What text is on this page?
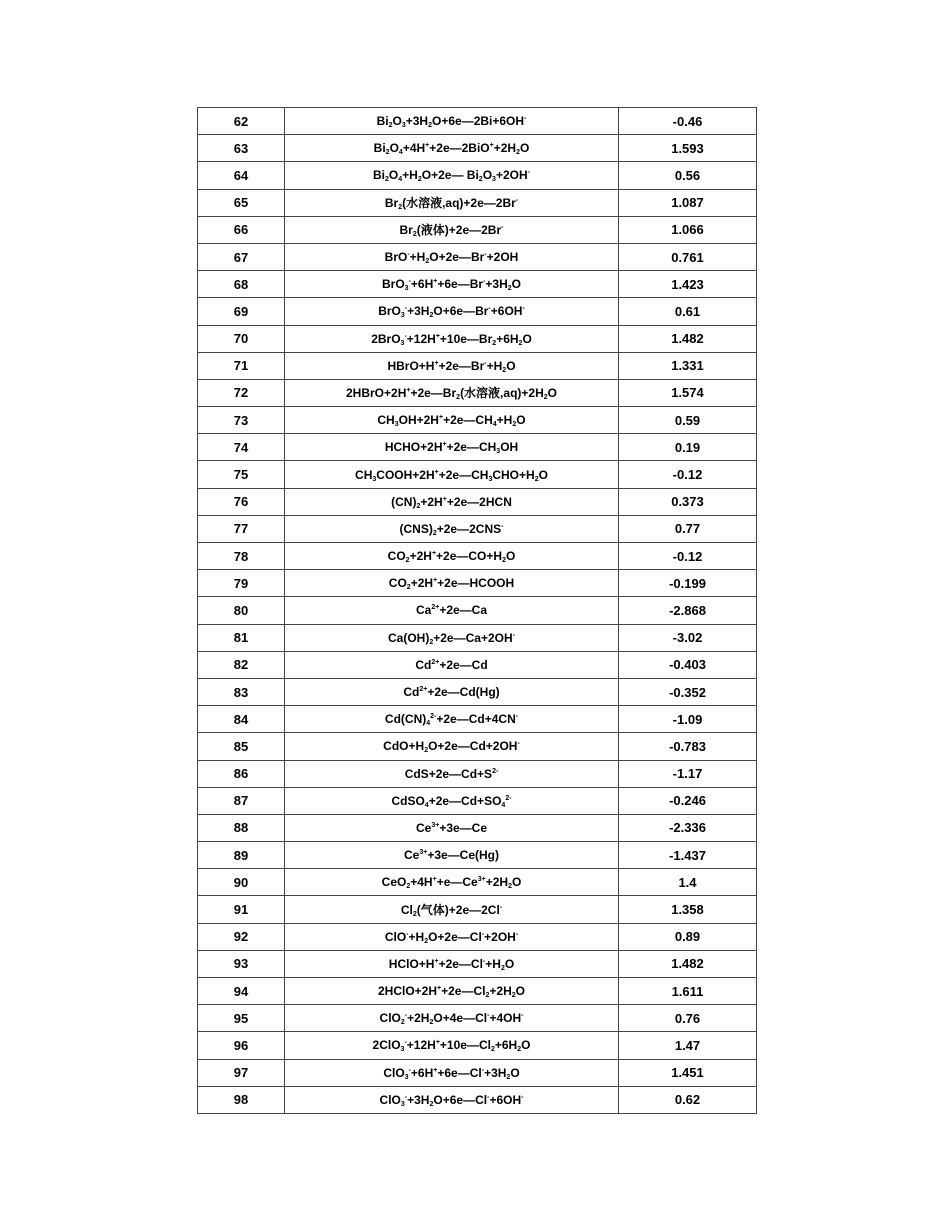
62	$Bi_2O_3+3H_2O+6e—2Bi+6OH^-$	-0.46
63	$Bi_2O_4+4H^++2e—2BiO^++2H_2O$	1.593
64	$Bi_2O_4+H_2O+2e—$ $Bi_2O_3+2OH^-$	0.56
65	$Br_2$(水溶液,aq)+2e—2Br-	1.087
66	$Br_2$(液体)+2e—2Br-	1.066
67	$BrO^-+H_2O+2e—Br^-+2OH$	0.761
68	$BrO_3^-+6H^++6e—Br^-+3H_2O$	1.423
69	$BrO_3^-+3H_2O+6e—Br^-+6OH^-$	0.61
70	$2BrO_3^-+12H^++10e—Br_2+6H_2O$	1.482
71	$HBrO+H^++2e—Br^-+H_2O$	1.331
72	$2HBrO+2H^++2e—Br_2$(水溶液$,aq)+2H_2O$	1.574
73	$CH_3OH+2H^++2e—CH_4+H_2O$	0.59
74	$HCHO+2H^++2e—CH_3OH$	0.19
75	$CH_3COOH+2H^++2e—CH_3CHO+H_2O$	-0.12
76	$(CN)_2+2H^++2e—2HCN$	0.373
77	$(CNS)_2+2e—2CNS^-$	0.77
78	$CO_2+2H^++2e—CO+H_2O$	-0.12
79	$CO_2+2H^++2e—HCOOH$	-0.199
80	$Ca^{2+}+2e—Ca$	-2.868
81	$Ca(OH)_2+2e—Ca+2OH^-$	-3.02
82	$Cd^{2+}+2e—Cd$	-0.403
83	$Cd^{2+}+2e—Cd(Hg)$	-0.352
84	$Cd(CN)_4^{2-}+2e—Cd+4CN^-$	-1.09
85	$CdO+H_2O+2e—Cd+2OH^-$	-0.783
86	$CdS+2e—Cd+S^{2-}$	-1.17
87	$CdSO_4+2e—Cd+SO_4^{2-}$	-0.246
88	$Ce^{3+}+3e—Ce$	-2.336
89	$Ce^{3+}+3e—Ce(Hg)$	-1.437
90	$CeO_2+4H^++e—Ce^{3+}+2H_2O$	1.4
91	$Cl_2$(气体)+2e—2Cl-	1.358
92	$ClO^-+H_2O+2e—Cl^-+2OH^-$	0.89
93	$HClO+H^++2e—Cl^-+H_2O$	1.482
94	$2HClO+2H^++2e—Cl_2+2H_2O$	1.611
95	$ClO_2^-+2H_2O+4e—Cl^-+4OH^-$	0.76
96	$2ClO_3^-+12H^++10e—Cl_2+6H_2O$	1.47
97	$ClO_3^-+6H^++6e—Cl^-+3H_2O$	1.451
98	$ClO_3^-+3H_2O+6e—Cl^-+6OH^-$	0.62
